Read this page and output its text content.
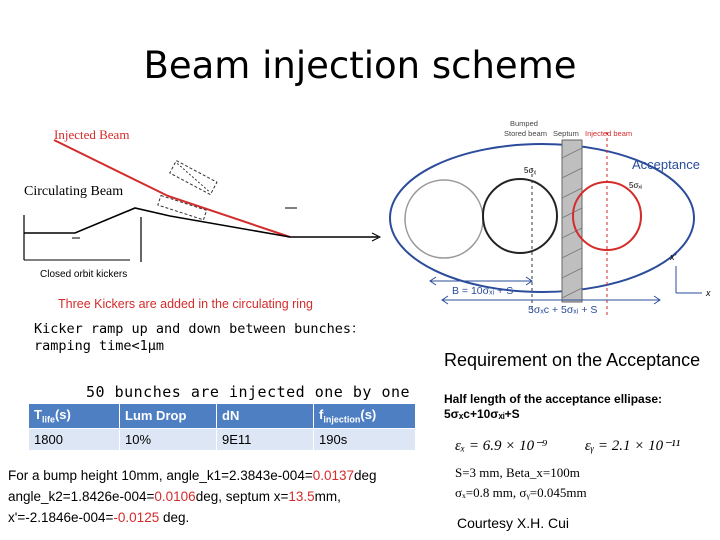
Beam injection scheme
Injected Beam
Circulating Beam
Closed orbit kickers
Three Kickers are added in the circulating ring
Bumped
Stored beam Septum Injected beam
5σᵪ
5σₓᵢ
Acceptance
x'
x
B = 10σₓᵢ + S
5σₓᴄ + 5σₓᵢ + S
Kicker ramp up and down between bunches：ramping time<1μm
50 bunches are injected one by one
$T_{life}(s)$	Lum Drop	dN	$f_{injection}(s)$
1800	10%	9E11	190s
For a bump height 10mm, angle_k1=2.3843e-004=0.0137deg
angle_k2=1.8426e-004=0.0106deg, septum x=13.5mm,
x'=-2.1846e-004=-0.0125 deg.
Requirement on the Acceptance
Half length of the acceptance ellipase:
5σₓᴄ+10σₓᵢ+S
εₓ = 6.9 × 10⁻⁹	εᵧ = 2.1 × 10⁻¹¹
S=3 mm, Beta_x=100m
σₓ=0.8 mm, σᵧ=0.045mm
Courtesy X.H. Cui
